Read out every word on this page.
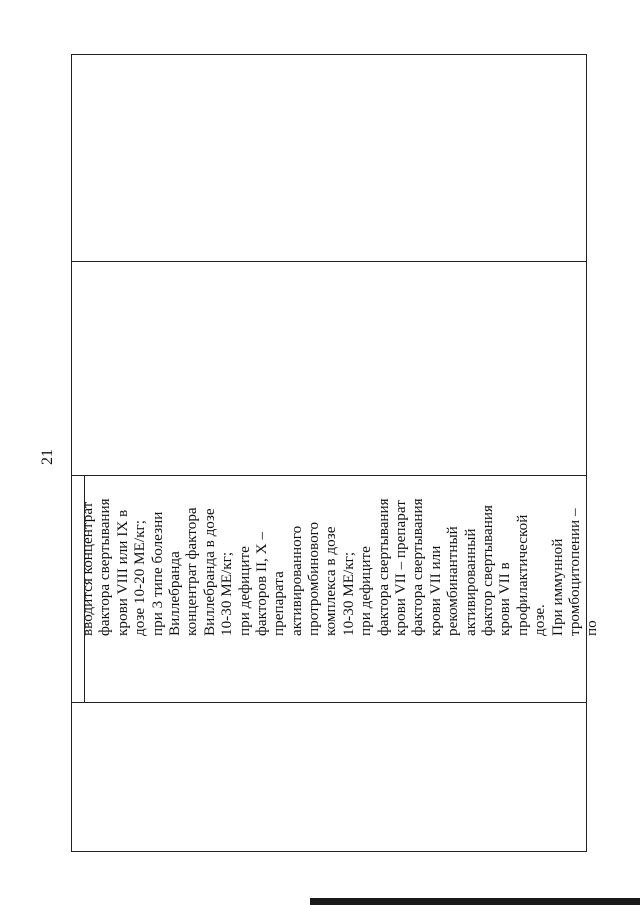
21
вводится концентрат фактора свертывания крови VIII или IX в дозе 10-20 МЕ/кг; при 3 типе болезни Виллебранда концентрат фактора Виллебранда в дозе 10-30 МЕ/кг; при дефиците факторов II, X – препарата активированного протромбинового комплекса в дозе 10-30 МЕ/кг; при дефиците фактора свертывания крови VII – препарат фактора свертывания крови VII или рекомбинантный активированный фактор свертывания крови VII в профилактической дозе. При иммунной тромбоцитопении – по
